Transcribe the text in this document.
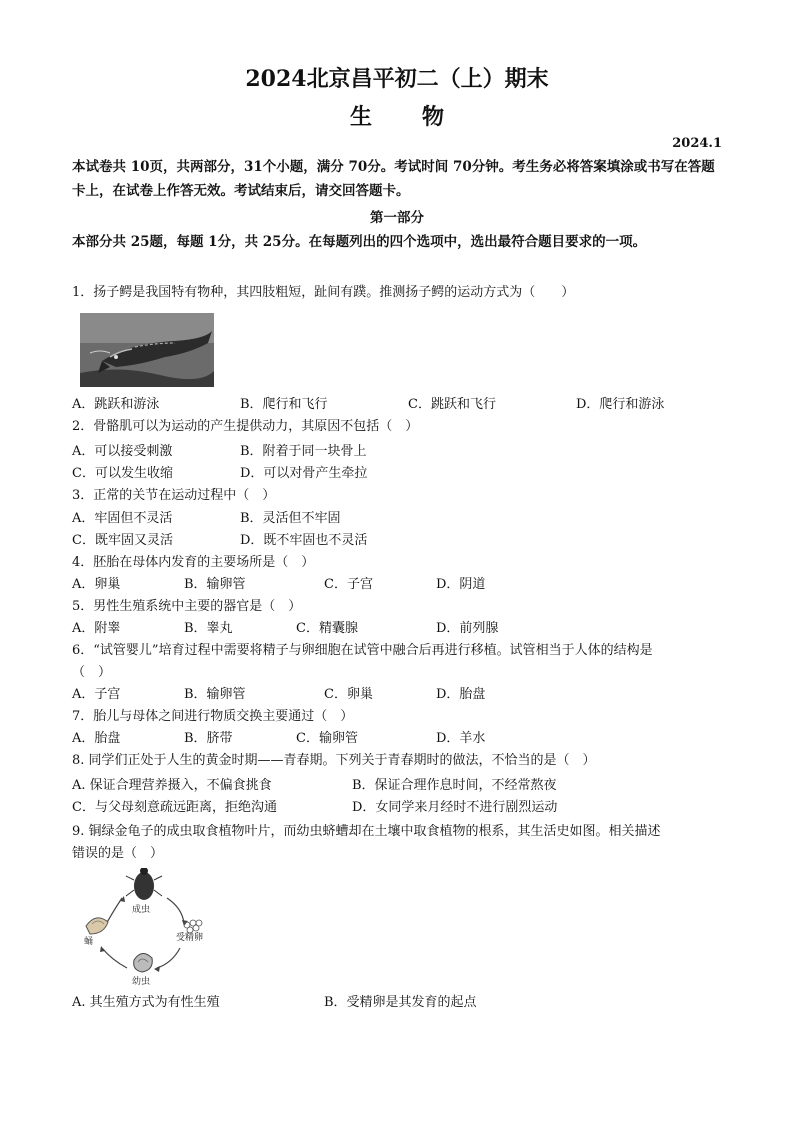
2024北京昌平初二（上）期末
生物
2024.1
本试卷共 10页，共两部分，31个小题，满分 70分。考试时间 70分钟。考生务必将答案填涂或书写在答题卡上，在试卷上作答无效。考试结束后，请交回答题卡。
第一部分
本部分共 25题，每题 1分，共 25分。在每题列出的四个选项中，选出最符合题目要求的一项。
1．扬子鳄是我国特有物种，其四肢粗短，趾间有蹼。推测扬子鳄的运动方式为（　　）
A．跳跃和游泳	B．爬行和飞行	C．跳跃和飞行	D．爬行和游泳
2．骨骼肌可以为运动的产生提供动力，其原因不包括（　）
A．可以接受刺激	B．附着于同一块骨上
C．可以发生收缩	D．可以对骨产生牵拉
3．正常的关节在运动过程中（　）
A．牢固但不灵活	B．灵活但不牢固
C．既牢固又灵活	D．既不牢固也不灵活
4．胚胎在母体内发育的主要场所是（　）
A．卵巢	B．输卵管	C．子宫	D．阴道
5．男性生殖系统中主要的器官是（　）
A．附睾	B．睾丸	C．精囊腺	D．前列腺
6．“试管婴儿”培育过程中需要将精子与卵细胞在试管中融合后再进行移植。试管相当于人体的结构是
（　）
A．子宫	B．输卵管	C．卵巢	D．胎盘
7．胎儿与母体之间进行物质交换主要通过（　）
A．胎盘	B．脐带	C．输卵管	D．羊水
8. 同学们正处于人生的黄金时期——青春期。下列关于青春期时的做法，不恰当的是（　）
A. 保证合理营养摄入，不偏食挑食	B．保证合理作息时间，不经常熬夜
C．与父母刻意疏远距离，拒绝沟通	D．女同学来月经时不进行剧烈运动
9. 铜绿金龟子的成虫取食植物叶片，而幼虫蛴螬却在土壤中取食植物的根系，其生活史如图。相关描述
错误的是（　）
成虫
受精卵
幼虫
蛹
A. 其生殖方式为有性生殖	B．受精卵是其发育的起点
